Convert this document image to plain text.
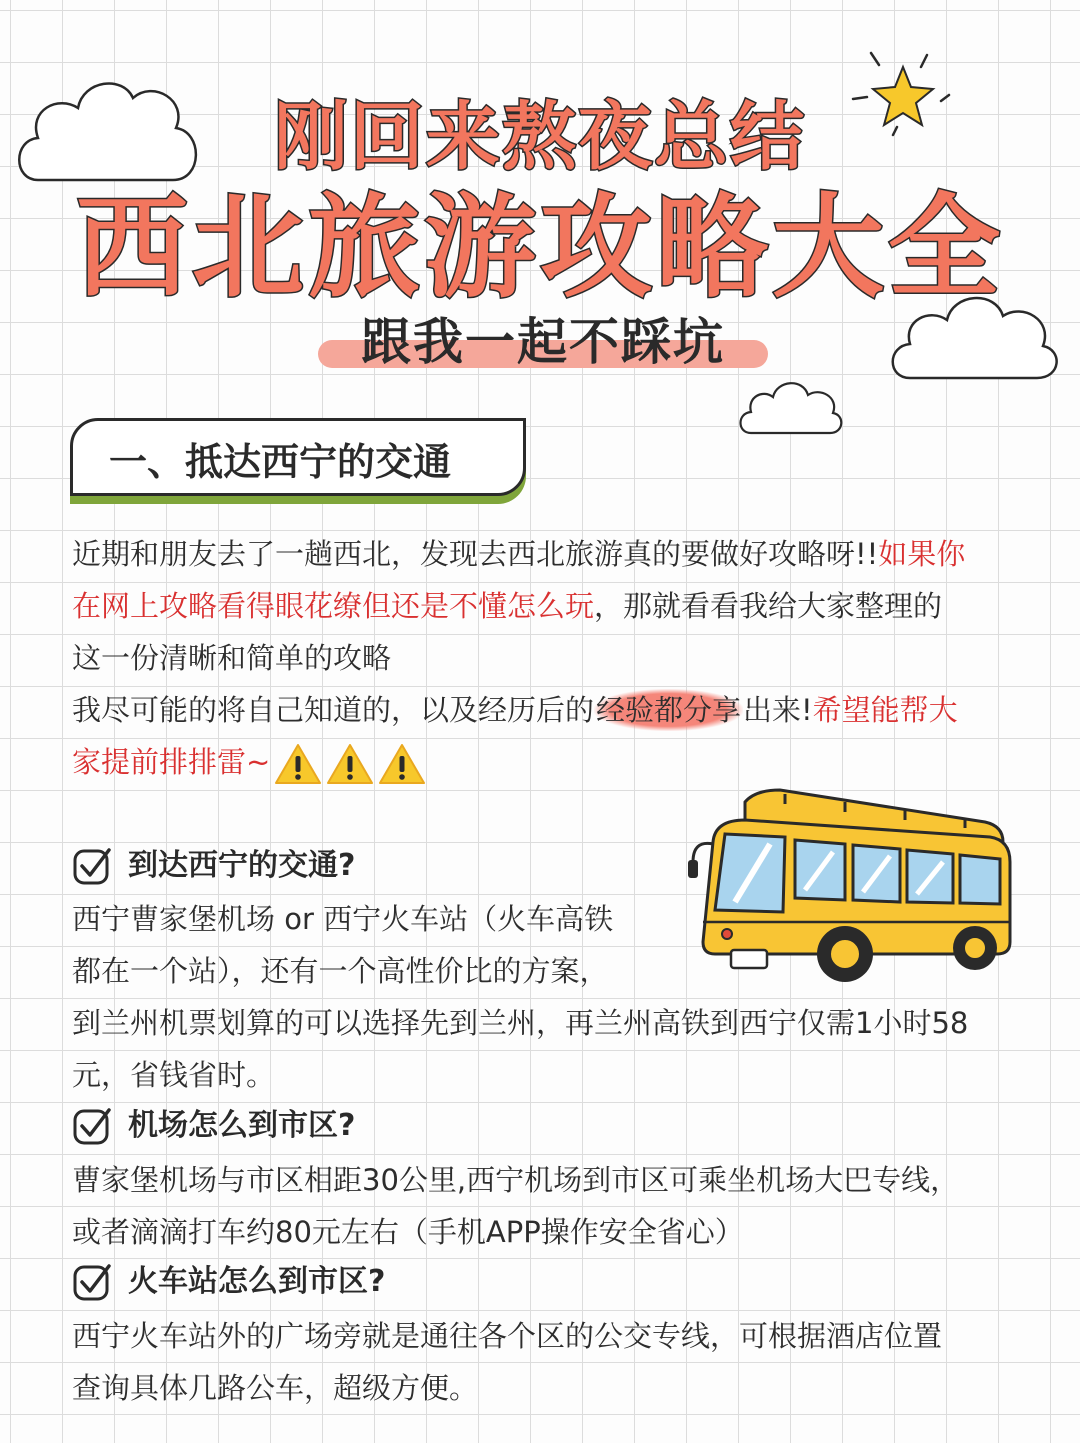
刚回来熬夜总结
西北旅游攻略大全
跟我一起不踩坑
一、抵达西宁的交通
近期和朋友去了一趟西北，发现去西北旅游真的要做好攻略呀!!如果你
在网上攻略看得眼花缭但还是不懂怎么玩，那就看看我给大家整理的
这一份清晰和简单的攻略
我尽可能的将自己知道的，以及经历后的经验都分享出来!希望能帮大
家提前排排雷~
到达西宁的交通?
西宁曹家堡机场 or 西宁火车站（火车高铁
都在一个站），还有一个高性价比的方案，
到兰州机票划算的可以选择先到兰州，再兰州高铁到西宁仅需1小时58
元，省钱省时。
机场怎么到市区?
曹家堡机场与市区相距30公里,西宁机场到市区可乘坐机场大巴专线，
或者滴滴打车约80元左右（手机APP操作安全省心）
火车站怎么到市区?
西宁火车站外的广场旁就是通往各个区的公交专线，可根据酒店位置
查询具体几路公车，超级方便。
